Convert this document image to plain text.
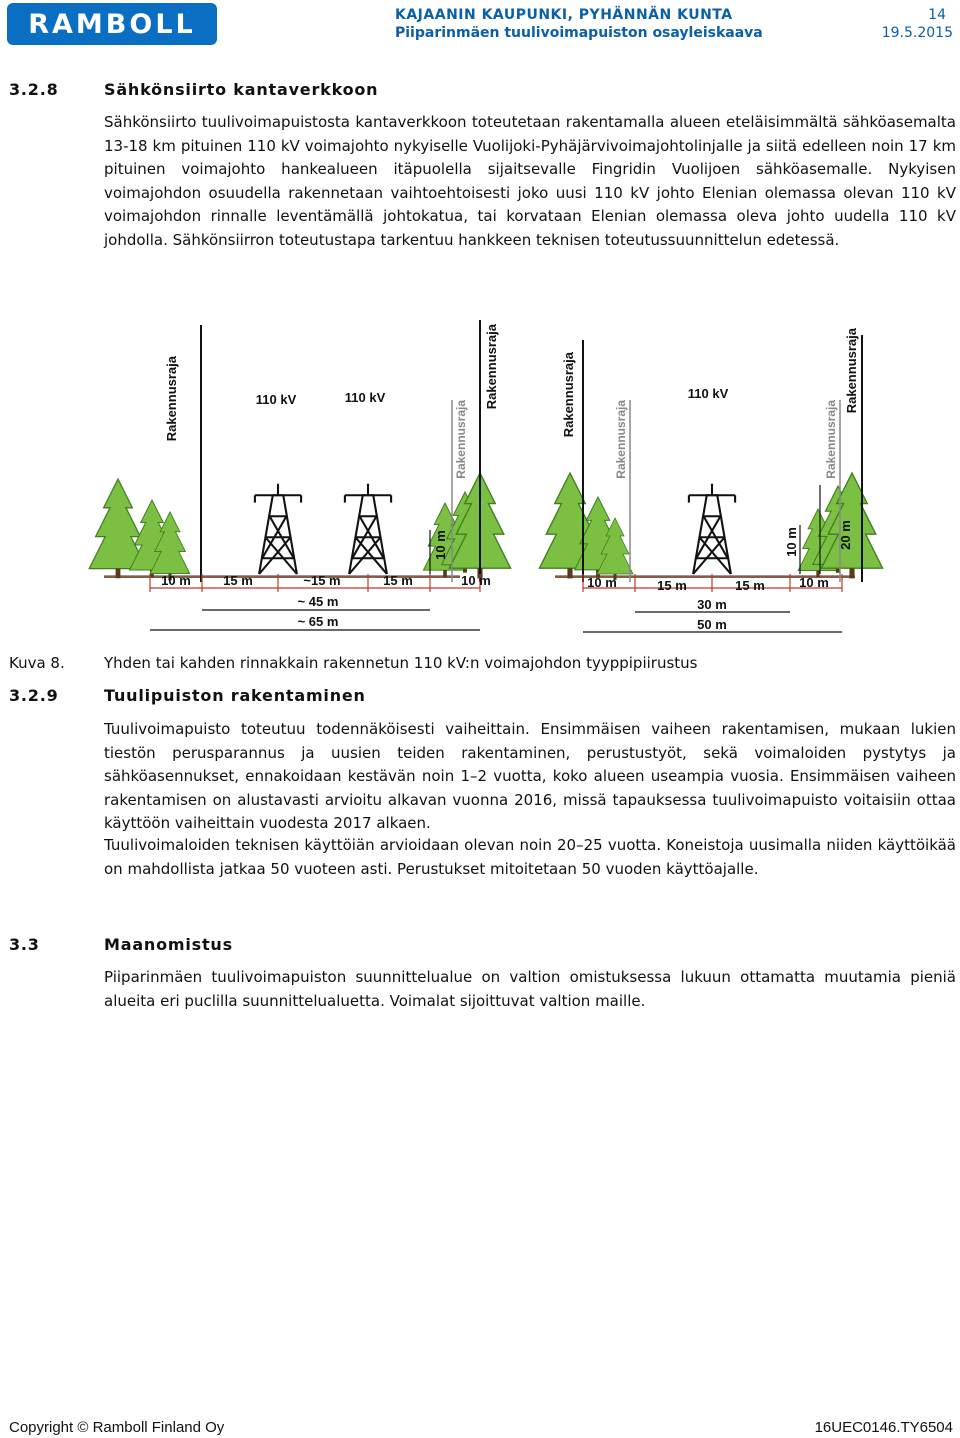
RAMBOLL	KAJAANIN KAUPUNKI, PYHÄNNÄN KUNTA
Piiparinmäen tuulivoimapuiston osayleiskaava
14
19.5.2015
3.2.8	Sähkönsiirto kantaverkkoon
Sähkönsiirto tuulivoimapuistosta kantaverkkoon toteutetaan rakentamalla alueen eteläisimmältä sähköasemalta 13-18 km pituinen 110 kV voimajohto nykyiselle Vuolijoki-Pyhäjärvivoimajohtolinjalle ja siitä edelleen noin 17 km pituinen voimajohto hankealueen itäpuolella sijaitsevalle Fingridin Vuolijoen sähköasemalle. Nykyisen voimajohdon osuudella rakennetaan vaihtoehtoisesti joko uusi 110 kV johto Elenian olemassa olevan 110 kV voimajohdon rinnalle leventämällä johtokatua, tai korvataan Elenian olemassa oleva johto uudella 110 kV johdolla. Sähkönsiirron toteutustapa tarkentuu hankkeen teknisen toteutussuunnittelun edetessä.
Rakennusraja	Rakennusraja
Rakennusraja
110 kV	110 kV
10 m
10 m 15 m	~15 m	15 m	10 m
~ 45 m
~ 65 m
Rakennusraja
Rakennusraja	Rakennusraja
Rakennusraja
110 kV
10 m	20 m
10 m	15 m	15 m	10 m
30 m
50 m
Kuva 8.	Yhden tai kahden rinnakkain rakennetun 110 kV:n voimajohdon tyyppipiirustus
3.2.9	Tuulipuiston rakentaminen
Tuulivoimapuisto toteutuu todennäköisesti vaiheittain. Ensimmäisen vaiheen rakentamisen, mukaan lukien tiestön perusparannus ja uusien teiden rakentaminen, perustustyöt, sekä voimaloiden pystytys ja sähköasennukset, ennakoidaan kestävän noin 1–2 vuotta, koko alueen useampia vuosia. Ensimmäisen vaiheen rakentamisen on alustavasti arvioitu alkavan vuonna 2016, missä tapauksessa tuulivoimapuisto voitaisiin ottaa käyttöön vaiheittain vuodesta 2017 alkaen.
Tuulivoimaloiden teknisen käyttöiän arvioidaan olevan noin 20–25 vuotta. Koneistoja uusimalla niiden käyttöikää on mahdollista jatkaa 50 vuoteen asti. Perustukset mitoitetaan 50 vuoden käyttöajalle.
3.3	Maanomistus
Piiparinmäen tuulivoimapuiston suunnittelualue on valtion omistuksessa lukuun ottamatta muutamia pieniä alueita eri puclilla suunnittelualuetta. Voimalat sijoittuvat valtion maille.
Copyright © Ramboll Finland Oy	16UEC0146.TY6504
